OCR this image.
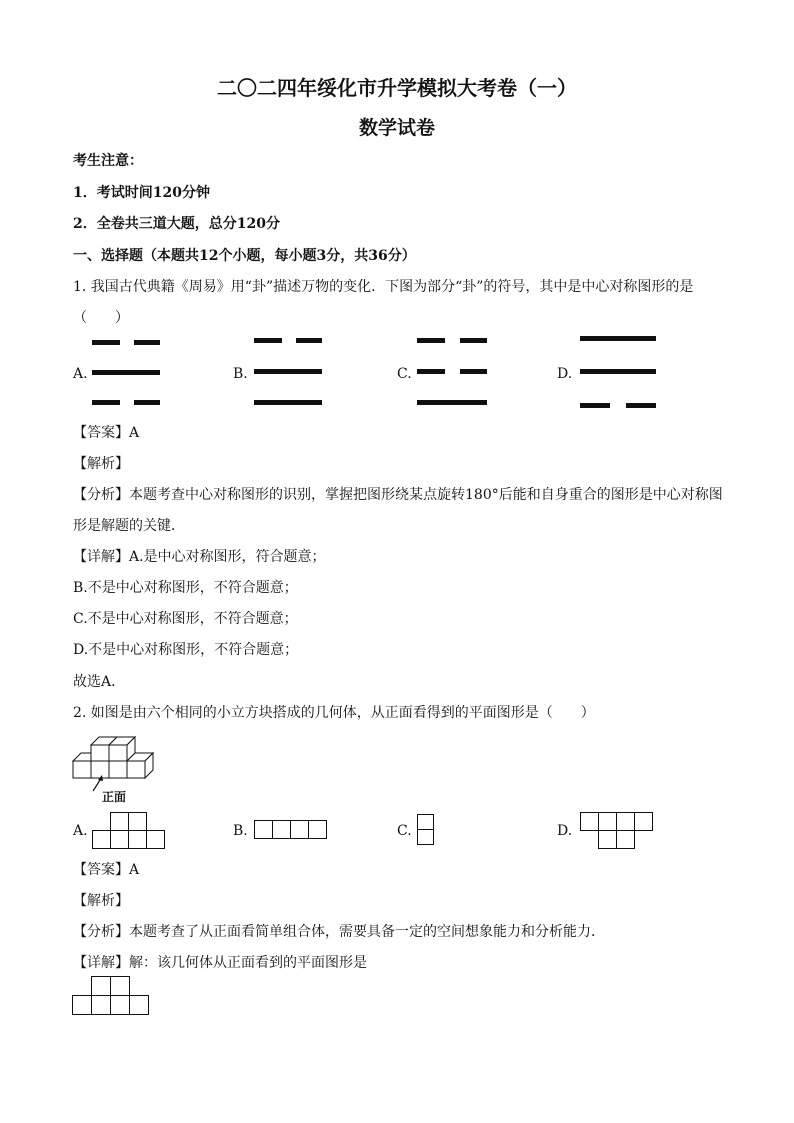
二〇二四年绥化市升学模拟大考卷（一）
数学试卷
考生注意：
1．考试时间120分钟
2．全卷共三道大题，总分120分
一、选择题（本题共12个小题，每小题3分，共36分）
1. 我国古代典籍《周易》用“卦”描述万物的变化．下图为部分“卦”的符号，其中是中心对称图形的是
（　　）
A.	B.	C.	D.
【答案】A
【解析】
【分析】本题考查中心对称图形的识别，掌握把图形绕某点旋转180°后能和自身重合的图形是中心对称图
形是解题的关键．
【详解】A.是中心对称图形，符合题意；
B.不是中心对称图形，不符合题意；
C.不是中心对称图形，不符合题意；
D.不是中心对称图形，不符合题意；
故选A．
2. 如图是由六个相同的小立方块搭成的几何体，从正面看得到的平面图形是（　　）
正面
A.	B.	C.	D.
【答案】A
【解析】
【分析】本题考查了从正面看简单组合体，需要具备一定的空间想象能力和分析能力．
【详解】解：该几何体从正面看到的平面图形是
